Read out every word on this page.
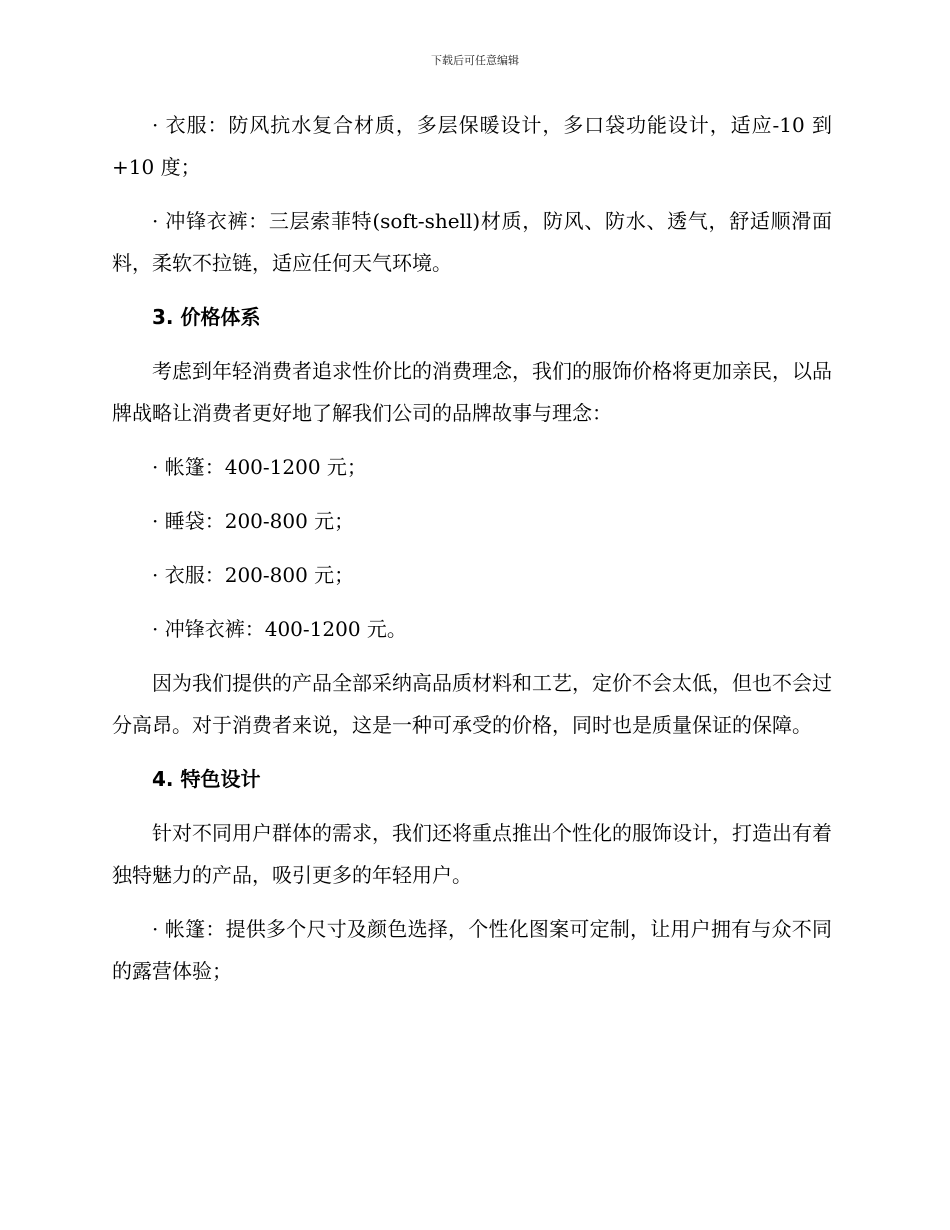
下载后可任意编辑

· 衣服：防风抗水复合材质，多层保暖设计，多口袋功能设计，适应-10 到 +10 度；

· 冲锋衣裤：三层索菲特(soft-shell)材质，防风、防水、透气，舒适顺滑面料，柔软不拉链，适应任何天气环境。

3. 价格体系

考虑到年轻消费者追求性价比的消费理念，我们的服饰价格将更加亲民，以品牌战略让消费者更好地了解我们公司的品牌故事与理念：

· 帐篷：400-1200 元；

· 睡袋：200-800 元；

· 衣服：200-800 元；

· 冲锋衣裤：400-1200 元。

因为我们提供的产品全部采纳高品质材料和工艺，定价不会太低，但也不会过分高昂。对于消费者来说，这是一种可承受的价格，同时也是质量保证的保障。

4. 特色设计

针对不同用户群体的需求，我们还将重点推出个性化的服饰设计，打造出有着独特魅力的产品，吸引更多的年轻用户。

· 帐篷：提供多个尺寸及颜色选择，个性化图案可定制，让用户拥有与众不同的露营体验；
